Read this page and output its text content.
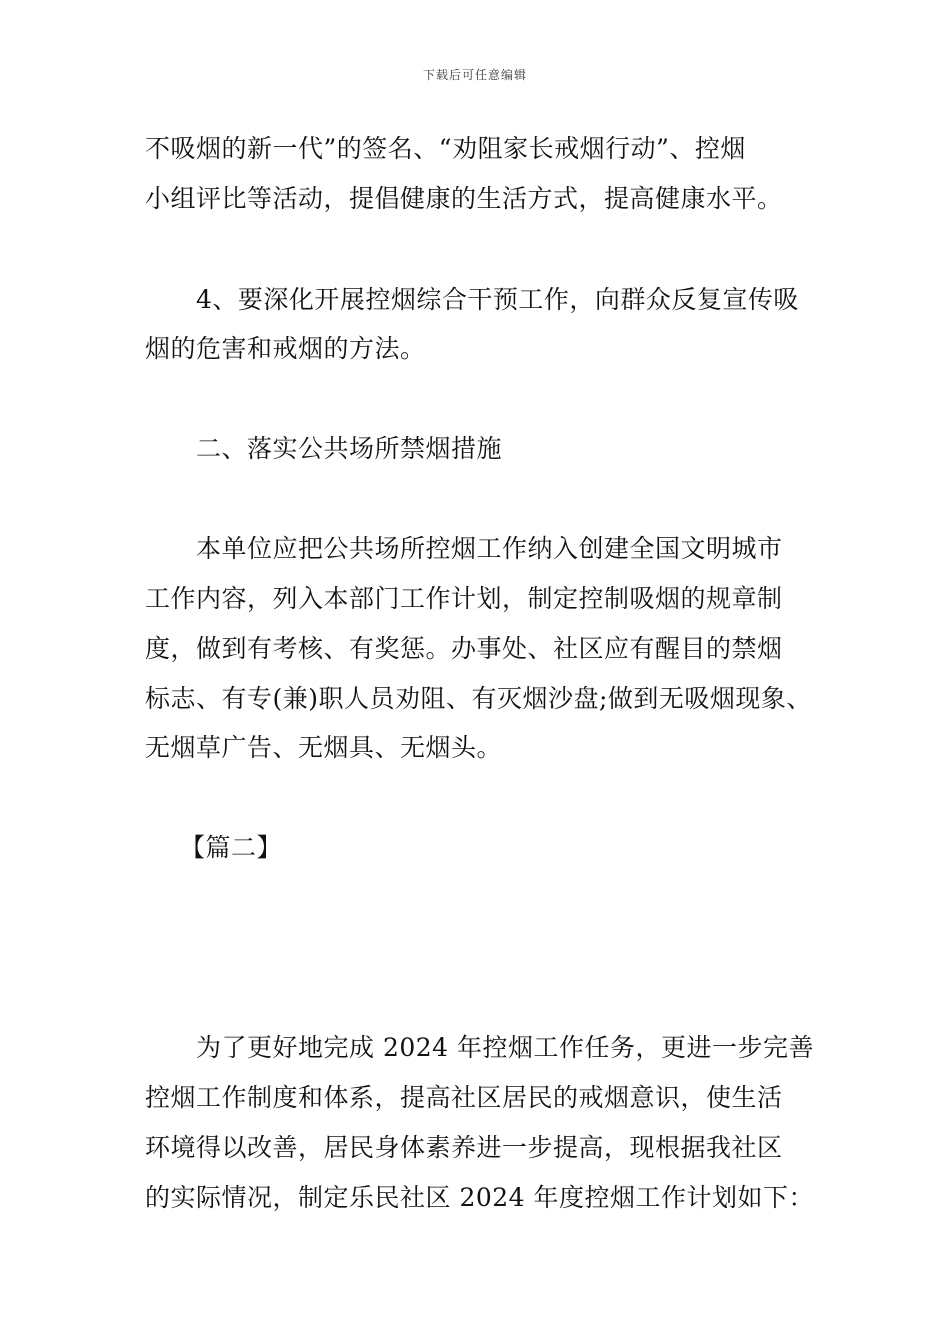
下载后可任意编辑
不吸烟的新一代”的签名、“劝阻家长戒烟行动”、控烟
小组评比等活动，提倡健康的生活方式，提高健康水平。
4、要深化开展控烟综合干预工作，向群众反复宣传吸
烟的危害和戒烟的方法。
二、落实公共场所禁烟措施
本单位应把公共场所控烟工作纳入创建全国文明城市
工作内容，列入本部门工作计划，制定控制吸烟的规章制
度，做到有考核、有奖惩。办事处、社区应有醒目的禁烟
标志、有专(兼)职人员劝阻、有灭烟沙盘;做到无吸烟现象、
无烟草广告、无烟具、无烟头。
【篇二】
为了更好地完成 2024 年控烟工作任务，更进一步完善
控烟工作制度和体系，提高社区居民的戒烟意识，使生活
环境得以改善，居民身体素养进一步提高，现根据我社区
的实际情况，制定乐民社区 2024 年度控烟工作计划如下：
